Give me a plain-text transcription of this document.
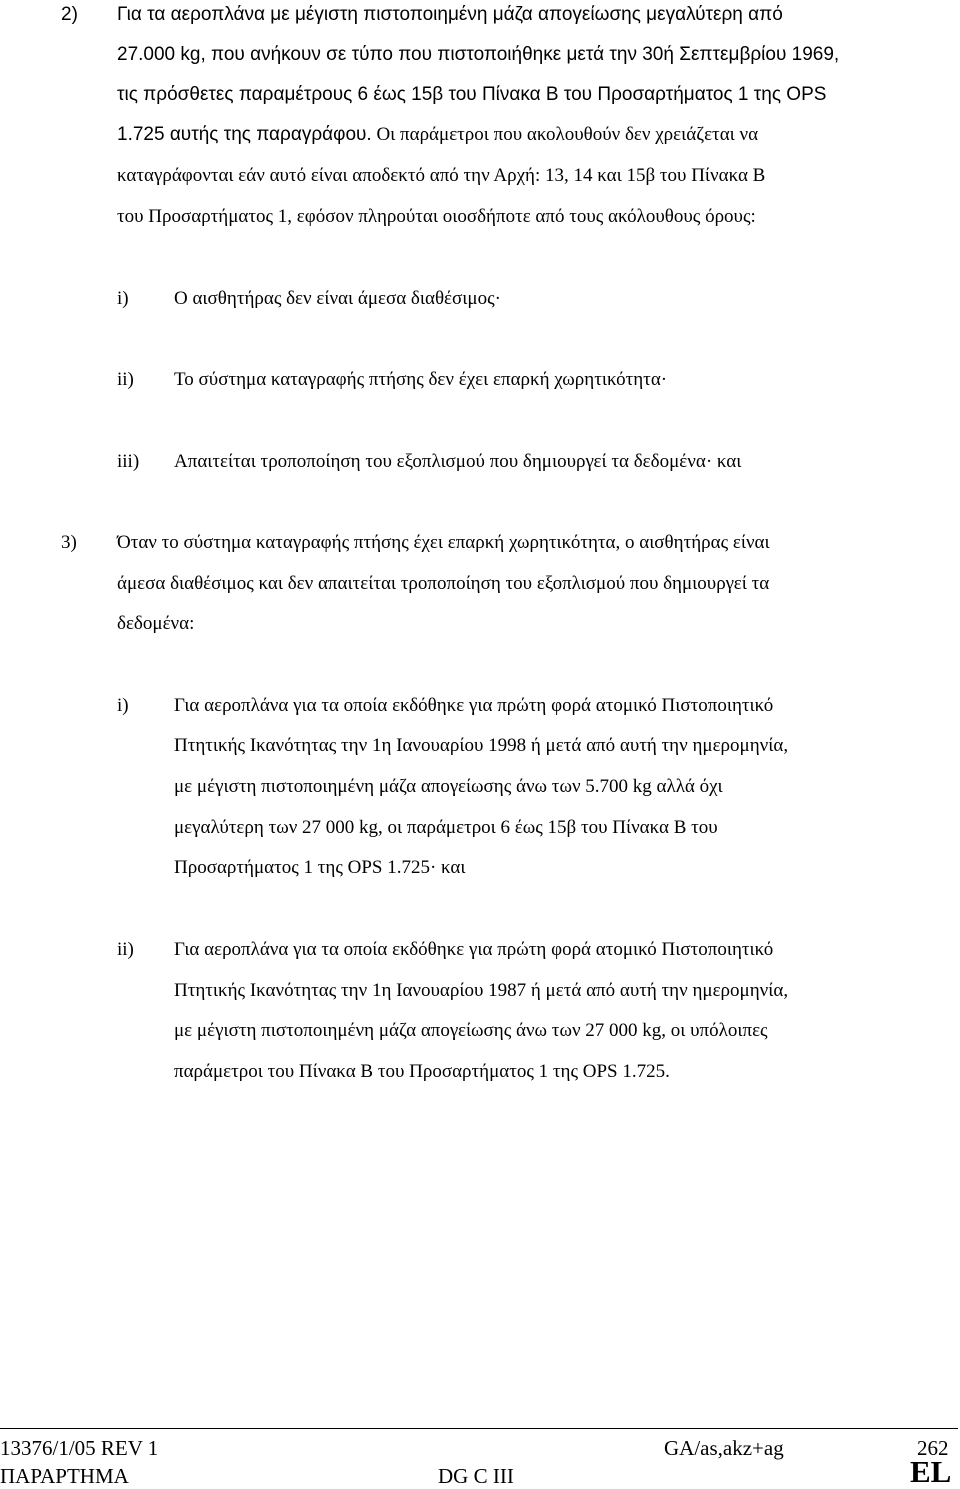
2) Για τα αεροπλάνα με μέγιστη πιστοποιημένη μάζα απογείωσης μεγαλύτερη από
27.000 kg, που ανήκουν σε τύπο που πιστοποιήθηκε μετά την 30ή Σεπτεμβρίου 1969,
τις πρόσθετες παραμέτρους 6 έως 15β του Πίνακα Β του Προσαρτήματος 1 της OPS
1.725 αυτής της παραγράφου. Οι παράμετροι που ακολουθούν δεν χρειάζεται να
καταγράφονται εάν αυτό είναι αποδεκτό από την Αρχή: 13, 14 και 15β του Πίνακα Β
του Προσαρτήματος 1, εφόσον πληρούται οιοσδήποτε από τους ακόλουθους όρους:
i) Ο αισθητήρας δεν είναι άμεσα διαθέσιμος·
ii) Το σύστημα καταγραφής πτήσης δεν έχει επαρκή χωρητικότητα·
iii) Απαιτείται τροποποίηση του εξοπλισμού που δημιουργεί τα δεδομένα· και
3) Όταν το σύστημα καταγραφής πτήσης έχει επαρκή χωρητικότητα, ο αισθητήρας είναι
άμεσα διαθέσιμος και δεν απαιτείται τροποποίηση του εξοπλισμού που δημιουργεί τα
δεδομένα:
i) Για αεροπλάνα για τα οποία εκδόθηκε για πρώτη φορά ατομικό Πιστοποιητικό
Πτητικής Ικανότητας την 1η Ιανουαρίου 1998 ή μετά από αυτή την ημερομηνία,
με μέγιστη πιστοποιημένη μάζα απογείωσης άνω των 5.700 kg αλλά όχι
μεγαλύτερη των 27 000 kg, οι παράμετροι 6 έως 15β του Πίνακα Β του
Προσαρτήματος 1 της OPS 1.725· και
ii) Για αεροπλάνα για τα οποία εκδόθηκε για πρώτη φορά ατομικό Πιστοποιητικό
Πτητικής Ικανότητας την 1η Ιανουαρίου 1987 ή μετά από αυτή την ημερομηνία,
με μέγιστη πιστοποιημένη μάζα απογείωσης άνω των 27 000 kg, οι υπόλοιπες
παράμετροι του Πίνακα Β του Προσαρτήματος 1 της OPS 1.725.
13376/1/05 REV 1	GA/as,akz+ag	262
ΠΑΡΑΡΤΗΜΑ	DG C III	EL
